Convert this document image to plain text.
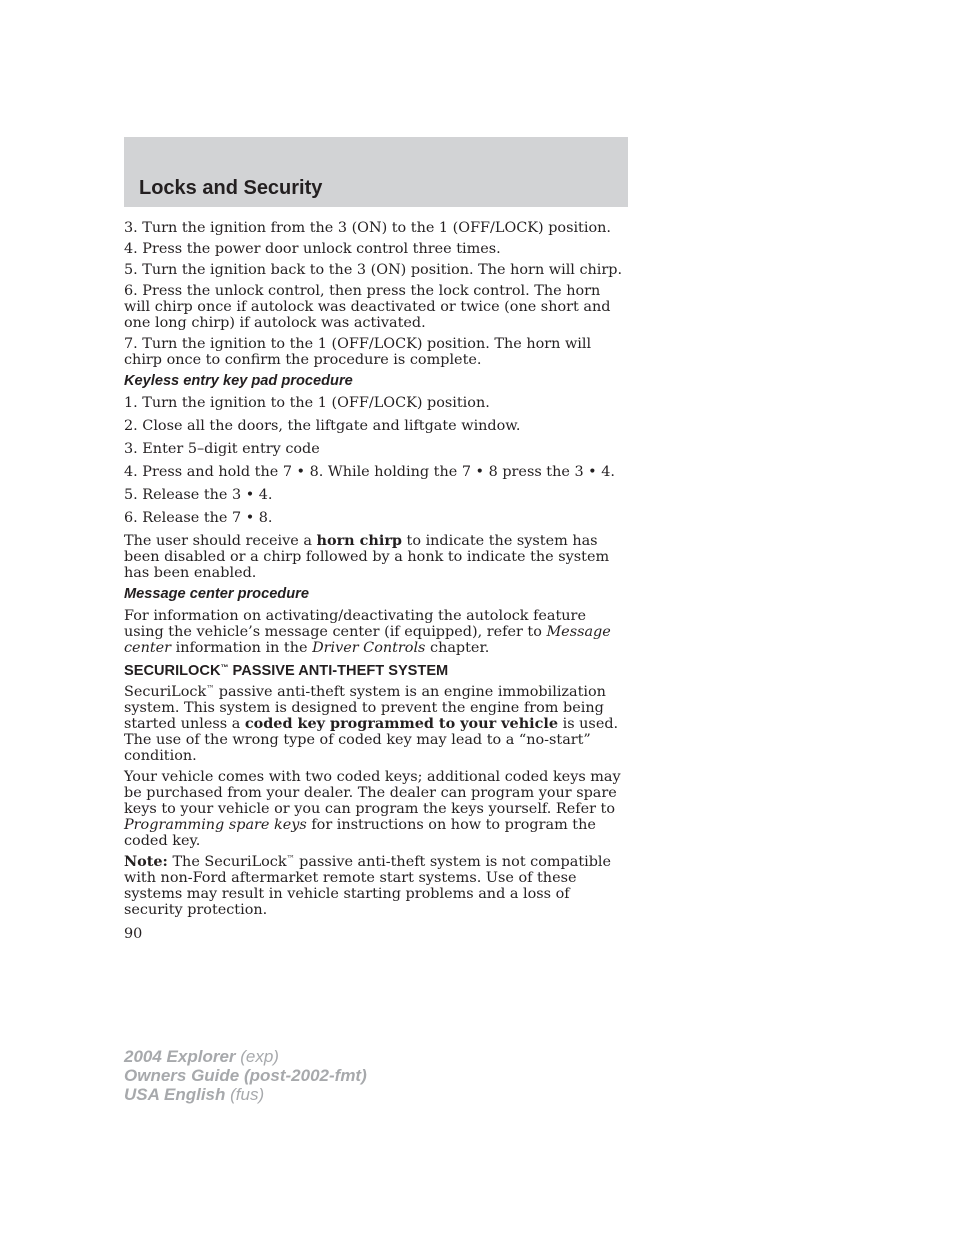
Locks and Security

3. Turn the ignition from the 3 (ON) to the 1 (OFF/LOCK) position.

4. Press the power door unlock control three times.

5. Turn the ignition back to the 3 (ON) position. The horn will chirp.

6. Press the unlock control, then press the lock control. The horn will chirp once if autolock was deactivated or twice (one short and one long chirp) if autolock was activated.

7. Turn the ignition to the 1 (OFF/LOCK) position. The horn will chirp once to confirm the procedure is complete.

Keyless entry key pad procedure

1. Turn the ignition to the 1 (OFF/LOCK) position.

2. Close all the doors, the liftgate and liftgate window.

3. Enter 5–digit entry code

4. Press and hold the 7 • 8. While holding the 7 • 8 press the 3 • 4.

5. Release the 3 • 4.

6. Release the 7 • 8.

The user should receive a horn chirp to indicate the system has been disabled or a chirp followed by a honk to indicate the system has been enabled.

Message center procedure

For information on activating/deactivating the autolock feature using the vehicle’s message center (if equipped), refer to Message center information in the Driver Controls chapter.

SECURILOCK™ PASSIVE ANTI-THEFT SYSTEM

SecuriLock™ passive anti-theft system is an engine immobilization system. This system is designed to prevent the engine from being started unless a coded key programmed to your vehicle is used. The use of the wrong type of coded key may lead to a “no-start” condition.

Your vehicle comes with two coded keys; additional coded keys may be purchased from your dealer. The dealer can program your spare keys to your vehicle or you can program the keys yourself. Refer to Programming spare keys for instructions on how to program the coded key.

Note: The SecuriLock™ passive anti-theft system is not compatible with non-Ford aftermarket remote start systems. Use of these systems may result in vehicle starting problems and a loss of security protection.

90
2004 Explorer (exp)
Owners Guide (post-2002-fmt)
USA English (fus)
